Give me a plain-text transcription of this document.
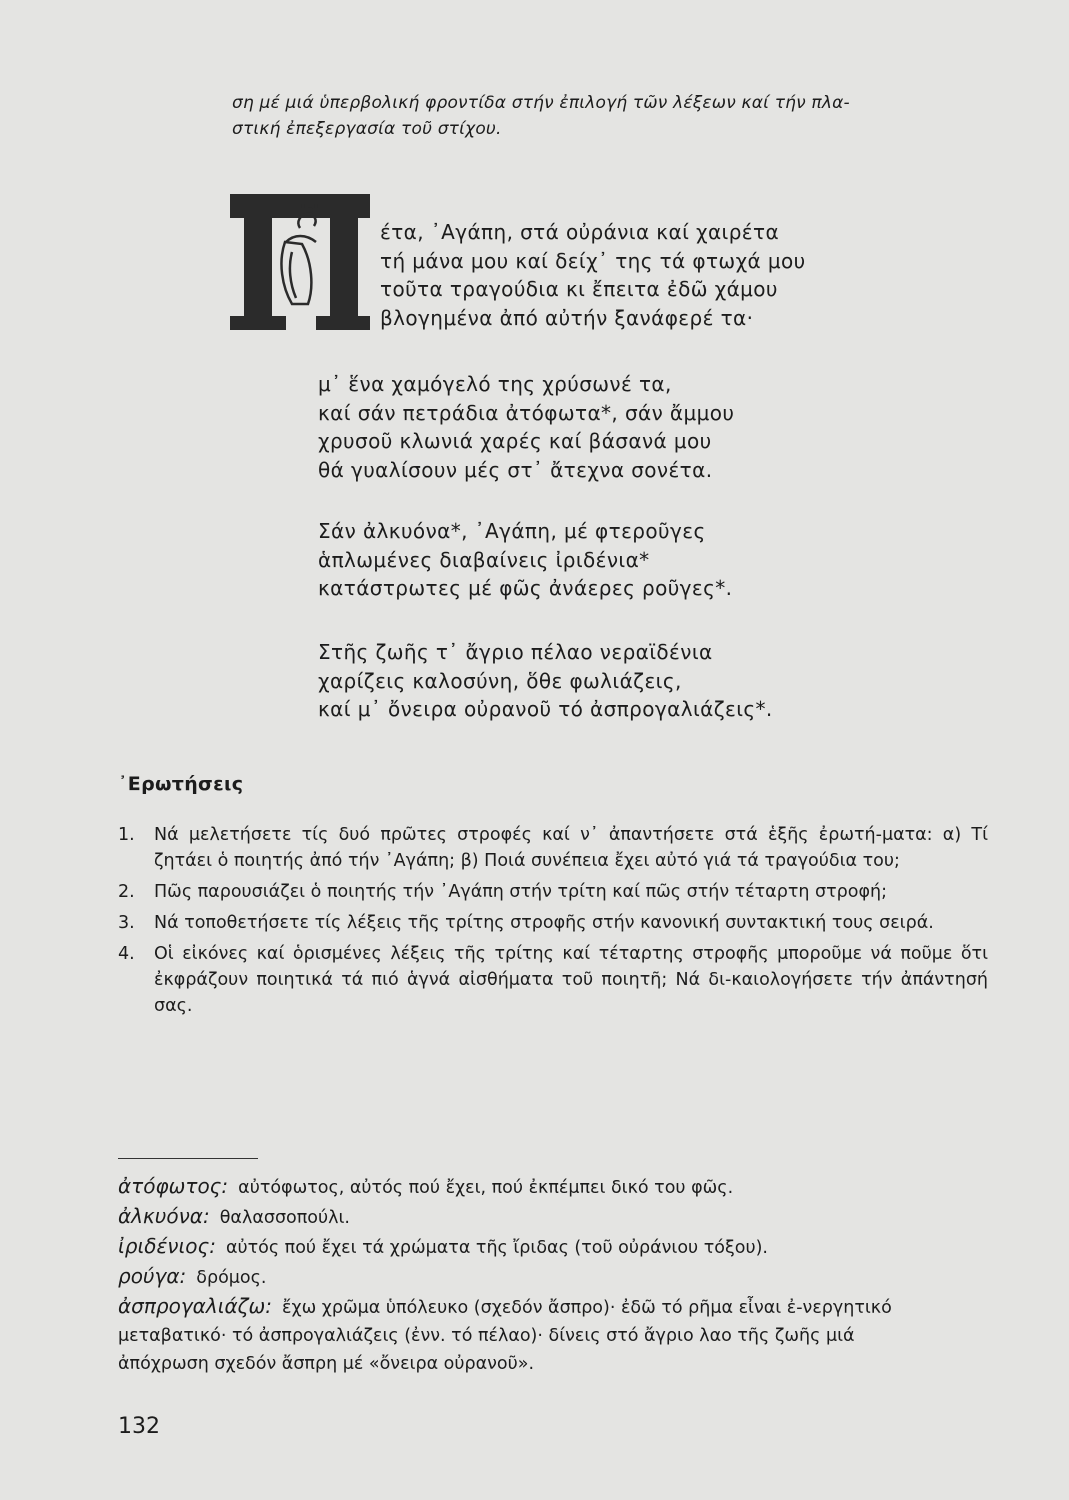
ση μέ μιά ὑπερβολική φροντίδα στήν ἐπιλογή τῶν λέξεων καί τήν πλα-
στική ἐπεξεργασία τοῦ στίχου.
έτα, ᾿Αγάπη, στά οὐράνια καί χαιρέτα
τή μάνα μου καί δείχ᾿ της τά φτωχά μου
τοῦτα τραγούδια κι ἔπειτα ἐδῶ χάμου
βλογημένα ἀπό αὐτήν ξανάφερέ τα·
μ᾿ ἕνα χαμόγελό της χρύσωνέ τα,
καί σάν πετράδια ἀτόφωτα*, σάν ἄμμου
χρυσοῦ κλωνιά χαρές καί βάσανά μου
θά γυαλίσουν μές στ᾿ ἄτεχνα σονέτα.
Σάν ἀλκυόνα*, ᾿Αγάπη, μέ φτεροῦγες
ἁπλωμένες διαβαίνεις ἰριδένια*
κατάστρωτες μέ φῶς ἀνάερες ροῦγες*.
Στῆς ζωῆς τ᾿ ἄγριο πέλαο νεραϊδένια
χαρίζεις καλοσύνη, ὅθε φωλιάζεις,
καί μ᾿ ὄνειρα οὐρανοῦ τό ἀσπρογαλιάζεις*.
᾿Ερωτήσεις
1.	Νά μελετήσετε τίς δυό πρῶτες στροφές καί ν᾿ ἀπαντήσετε στά ἑξῆς ἐρωτή-ματα: α) Τί ζητάει ὁ ποιητής ἀπό τήν ᾿Αγάπη; β) Ποιά συνέπεια ἔχει αὐτό γιά τά τραγούδια του;
2.	Πῶς παρουσιάζει ὁ ποιητής τήν ᾿Αγάπη στήν τρίτη καί πῶς στήν τέταρτη στροφή;
3.	Νά τοποθετήσετε τίς λέξεις τῆς τρίτης στροφῆς στήν κανονική συντακτική τους σειρά.
4.	Οἱ εἰκόνες καί ὁρισμένες λέξεις τῆς τρίτης καί τέταρτης στροφῆς μποροῦμε νά ποῦμε ὅτι ἐκφράζουν ποιητικά τά πιό ἁγνά αἰσθήματα τοῦ ποιητῆ; Νά δι-καιολογήσετε τήν ἀπάντησή σας.
ἀτόφωτος: αὐτόφωτος, αὐτός πού ἔχει, πού ἐκπέμπει δικό του φῶς.
ἀλκυόνα: θαλασσοπούλι.
ἰριδένιος: αὐτός πού ἔχει τά χρώματα τῆς ἴριδας (τοῦ οὐράνιου τόξου).
ρούγα: δρόμος.
ἀσπρογαλιάζω: ἔχω χρῶμα ὑπόλευκο (σχεδόν ἄσπρο)· ἐδῶ τό ρῆμα εἶναι ἐ-νεργητικό μεταβατικό· τό ἀσπρογαλιάζεις (ἐνν. τό πέλαο)· δίνεις στό ἄγριο λαο τῆς ζωῆς μιά ἀπόχρωση σχεδόν ἄσπρη μέ «ὄνειρα οὐρανοῦ».
132
